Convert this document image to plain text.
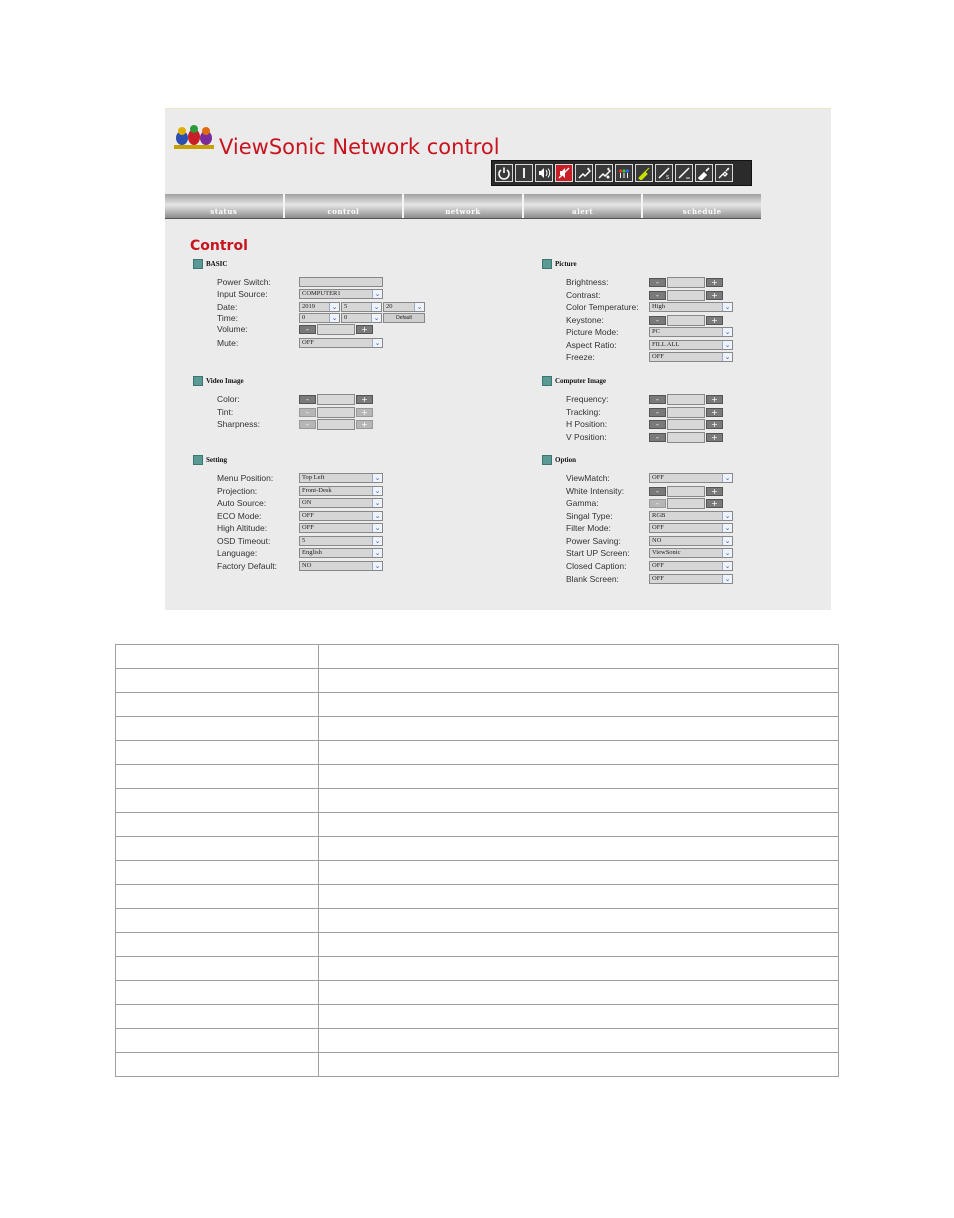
ViewSonic Network control
S
status	control	network	alert	schedule
Control
BASIC
Power Switch:
Input Source:	COMPUTER1	⌄
Date:	2019	⌄	5	⌄	20	⌄
Time:	0	⌄	0	⌄	Default
Volume:	-	+
Mute:	OFF	⌄
Video Image
Color:	-	+
Tint:	-	+
Sharpness:	-	+
Setting
Menu Position:	Top Left	⌄
Projection:	Front-Desk	⌄
Auto Source:	ON	⌄
ECO Mode:	OFF	⌄
High Altitude:	OFF	⌄
OSD Timeout:	5	⌄
Language:	English	⌄
Factory Default:	NO	⌄
Picture
Brightness:	-	+
Contrast:	-	+
Color Temperature:	High	⌄
Keystone:	-	+
Picture Mode:	PC	⌄
Aspect Ratio:	FILL ALL	⌄
Freeze:	OFF	⌄
Computer Image
Frequency:	-	+
Tracking:	-	+
H Position:	-	+
V Position:	-	+
Option
ViewMatch:	OFF	⌄
White Intensity:	-	+
Gamma:	-	+
Singal Type:	RGB	⌄
Filter Mode:	OFF	⌄
Power Saving:	NO	⌄
Start UP Screen:	ViewSonic	⌄
Closed Caption:	OFF	⌄
Blank Screen:	OFF	⌄
